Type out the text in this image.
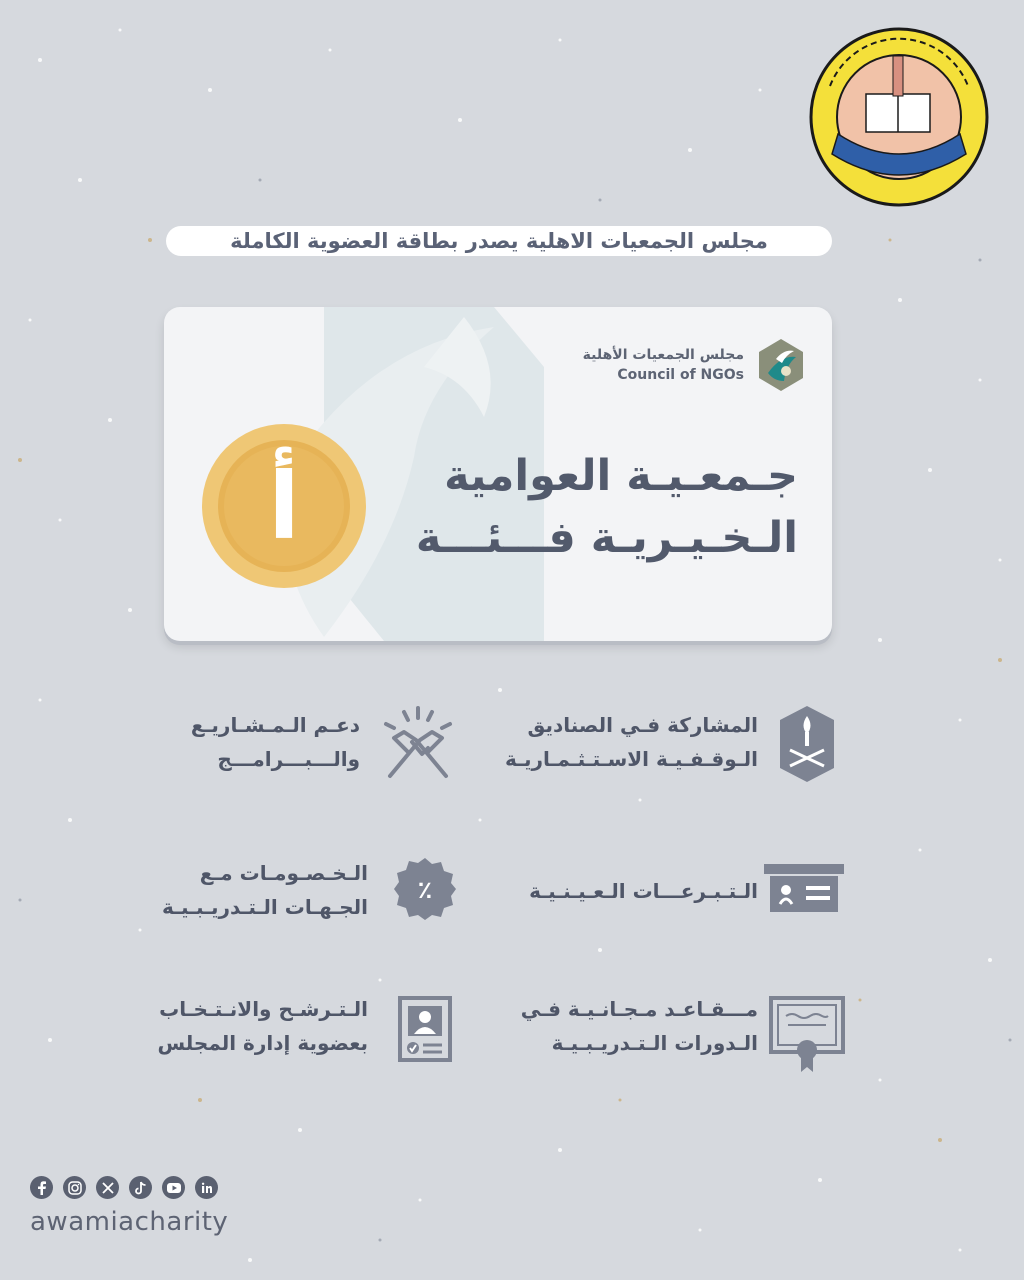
مجلس الجمعيات الاهلية يصدر بطاقة العضوية الكاملة
مجلس الجمعيات الأهلية
Council of NGOs
جـمعـيـة العوامية
الـخـيـريـة فـــئـــة
أ
المشاركة فـي الصناديق
الـوقـفـيـة الاسـتـثـمـاريـة
دعـم الـمـشـاريـع
والـــبـــرامـــج
الـتـبـرعـــات الـعـيـنـيـة
الـخـصـومـات مـع
الجـهـات الـتـدريـبـيـة
٪
مـــقـاعـد مـجـانـيـة فـي
الـدورات الـتـدريـبـيـة
الـتـرشـح والانـتـخـاب
بعضوية إدارة المجلس
awamiacharity
